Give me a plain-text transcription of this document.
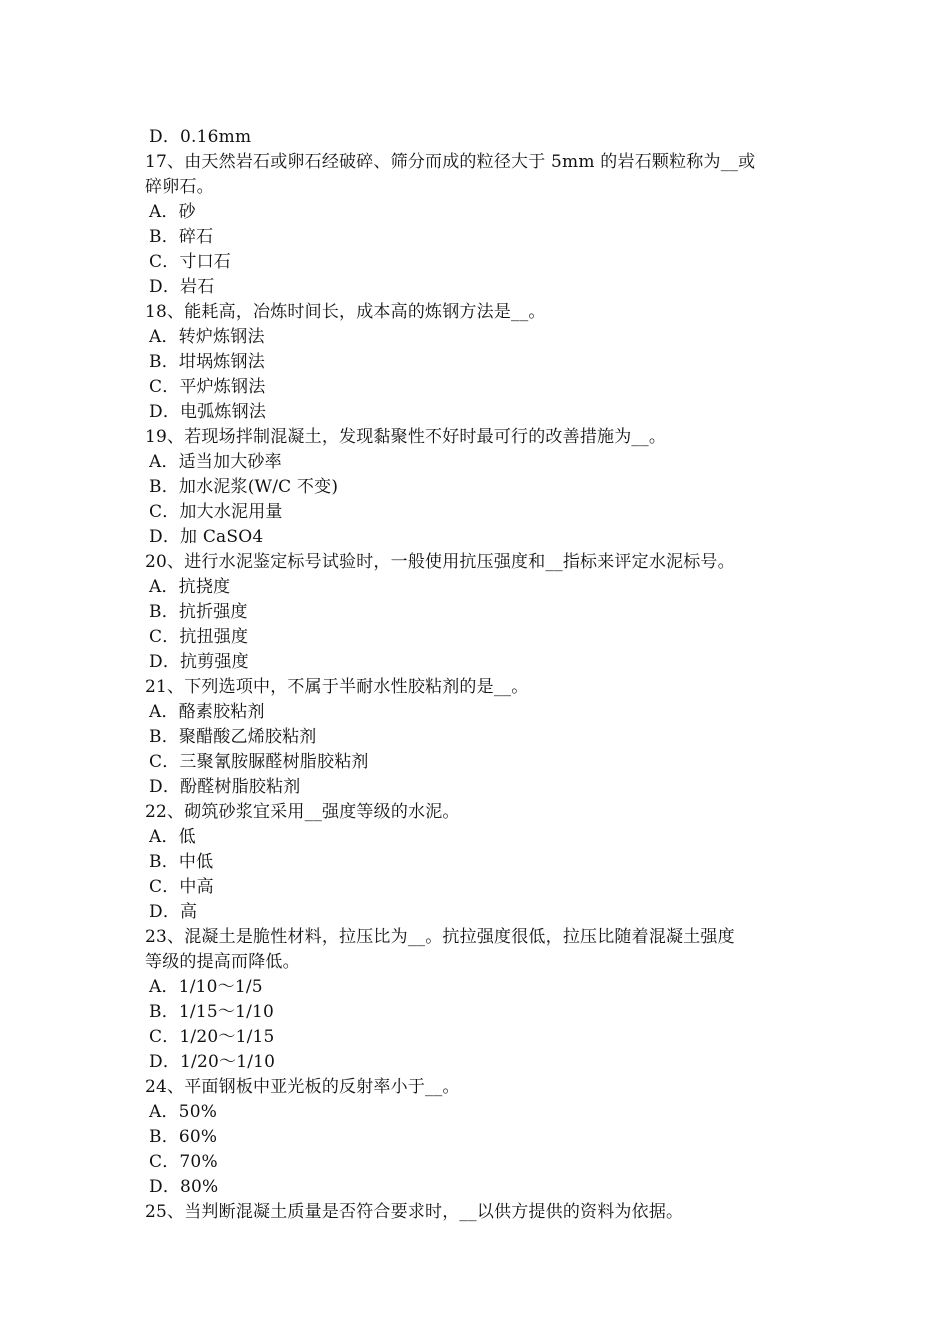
D．0.16mm
17、由天然岩石或卵石经破碎、筛分而成的粒径大于 5mm 的岩石颗粒称为__或
碎卵石。
A．砂
B．碎石
C．寸口石
D．岩石
18、能耗高，冶炼时间长，成本高的炼钢方法是__。
A．转炉炼钢法
B．坩埚炼钢法
C．平炉炼钢法
D．电弧炼钢法
19、若现场拌制混凝土，发现黏聚性不好时最可行的改善措施为__。
A．适当加大砂率
B．加水泥浆(W/C 不变)
C．加大水泥用量
D．加 CaSO4
20、进行水泥鉴定标号试验时，一般使用抗压强度和__指标来评定水泥标号。
A．抗挠度
B．抗折强度
C．抗扭强度
D．抗剪强度
21、下列选项中，不属于半耐水性胶粘剂的是__。
A．酪素胶粘剂
B．聚醋酸乙烯胶粘剂
C．三聚氰胺脲醛树脂胶粘剂
D．酚醛树脂胶粘剂
22、砌筑砂浆宜采用__强度等级的水泥。
A．低
B．中低
C．中高
D．高
23、混凝土是脆性材料，拉压比为__。抗拉强度很低，拉压比随着混凝土强度
等级的提高而降低。
A．1/10～1/5
B．1/15～1/10
C．1/20～1/15
D．1/20～1/10
24、平面钢板中亚光板的反射率小于__。
A．50%
B．60%
C．70%
D．80%
25、当判断混凝土质量是否符合要求时，__以供方提供的资料为依据。
